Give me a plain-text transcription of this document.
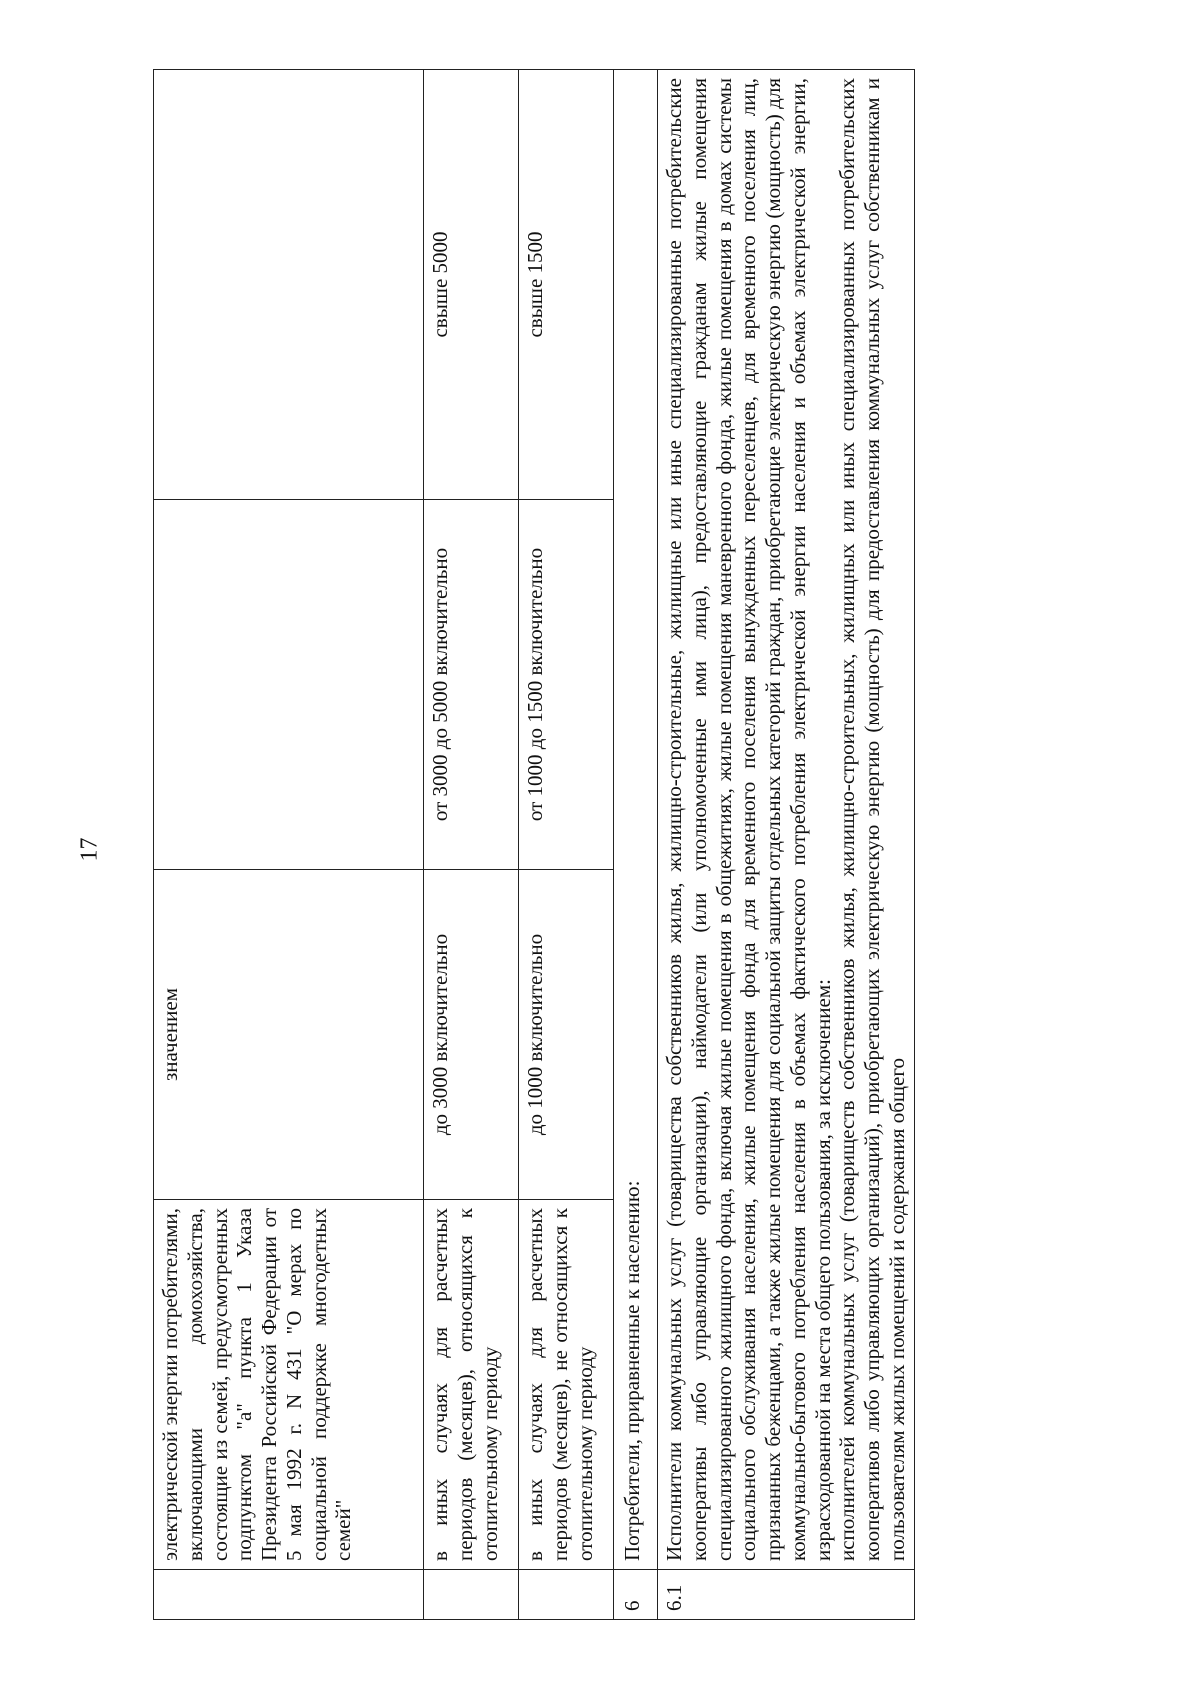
17
	электрической энергии потребителями, включающими домохозяйства, состоящие из семей, предусмотренных подпунктом "а" пункта 1 Указа Президента Российской Федерации от 5 мая 1992 г. N 431 "О мерах по социальной поддержке многодетных семей"	значением		
	в иных случаях для расчетных периодов (месяцев), относящихся к отопительному периоду	до 3000 включительно	от 3000 до 5000 включительно	свыше 5000
	в иных случаях для расчетных периодов (месяцев), не относящихся к отопительному периоду	до 1000 включительно	от 1000 до 1500 включительно	свыше 1500
6	Потребители, приравненные к населению:			
6.1	Исполнители коммунальных услуг (товарищества собственников жилья, жилищно-строительные, жилищные или иные специализированные потребительские кооперативы либо управляющие организации), наймодатели (или уполномоченные ими лица), предоставляющие гражданам жилые помещения специализированного жилищного фонда, включая жилые помещения в общежитиях, жилые помещения маневренного фонда, жилые помещения в домах системы социального обслуживания населения, жилые помещения фонда для временного поселения вынужденных переселенцев, для временного поселения лиц, признанных беженцами, а также жилые помещения для социальной защиты отдельных категорий граждан, приобретающие электрическую энергию (мощность) для коммунально-бытового потребления населения в объемах фактического потребления электрической энергии населения и объемах электрической энергии, израсходованной на места общего пользования, за исключением: исполнителей коммунальных услуг (товариществ собственников жилья, жилищно-строительных, жилищных или иных специализированных потребительских кооперативов либо управляющих организаций), приобретающих электрическую энергию (мощность) для предоставления коммунальных услуг собственникам и пользователям жилых помещений и содержания общего			
